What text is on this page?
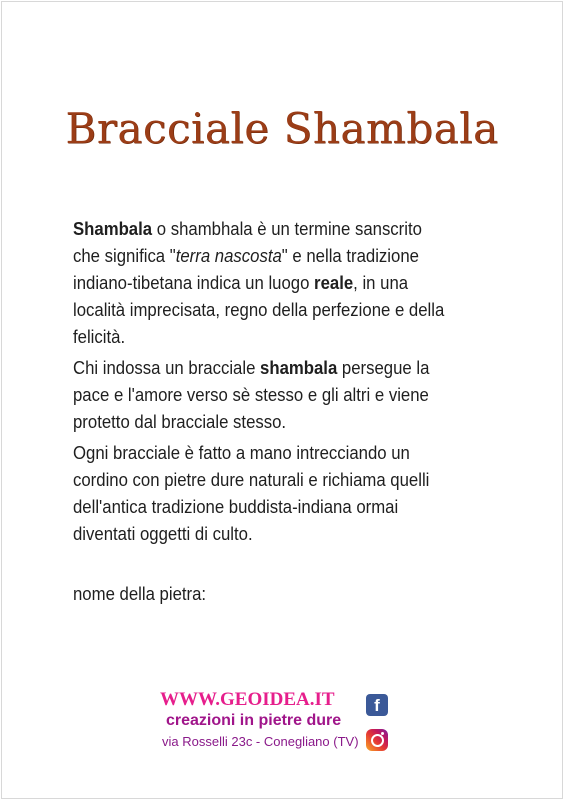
Bracciale Shambala

Shambala o shambhala è un termine sanscrito che significa "terra nascosta" e nella tradizione indiano-tibetana indica un luogo reale, in una località imprecisata, regno della perfezione e della felicità.

Chi indossa un bracciale shambala persegue la pace e l'amore verso sè stesso e gli altri e viene protetto dal bracciale stesso.

Ogni bracciale è fatto a mano intrecciando un cordino con pietre dure naturali e richiama quelli dell'antica tradizione buddista-indiana ormai diventati oggetti di culto.

nome della pietra:
WWW.GEOIDEA.IT
creazioni in pietre dure
via Rosselli 23c - Conegliano (TV)
f
